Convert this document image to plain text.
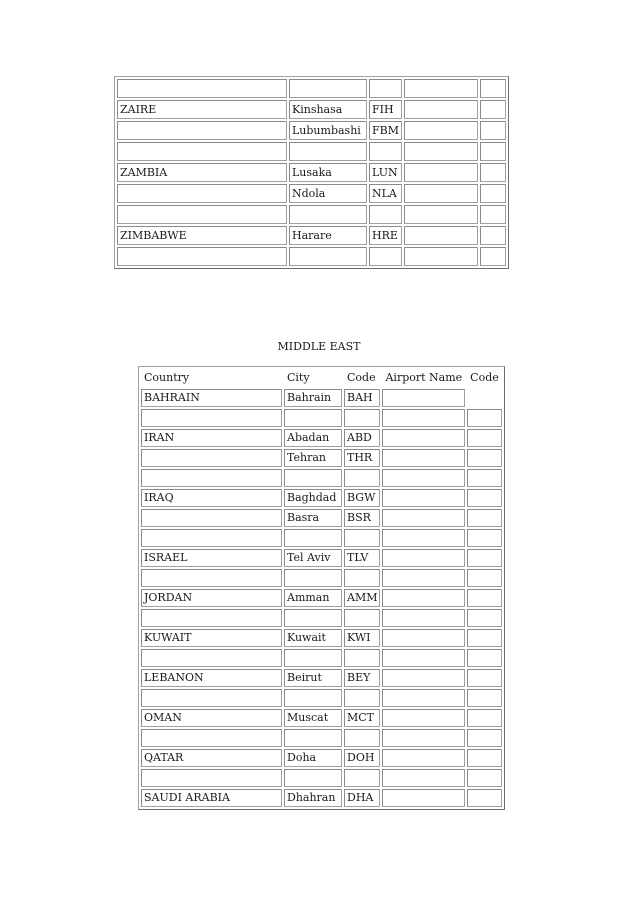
ZAIRE	Kinshasa	FIH		
	Lubumbashi	FBM		

ZAMBIA	Lusaka	LUN		
	Ndola	NLA		

ZIMBABWE	Harare	HRE		

MIDDLE EAST
Country	City	Code	Airport Name	Code
BAHRAIN	Bahrain	BAH		

IRAN	Abadan	ABD		
	Tehran	THR		

IRAQ	Baghdad	BGW		
	Basra	BSR		

ISRAEL	Tel Aviv	TLV		

JORDAN	Amman	AMM		

KUWAIT	Kuwait	KWI		

LEBANON	Beirut	BEY		

OMAN	Muscat	MCT		

QATAR	Doha	DOH		

SAUDI ARABIA	Dhahran	DHA		
